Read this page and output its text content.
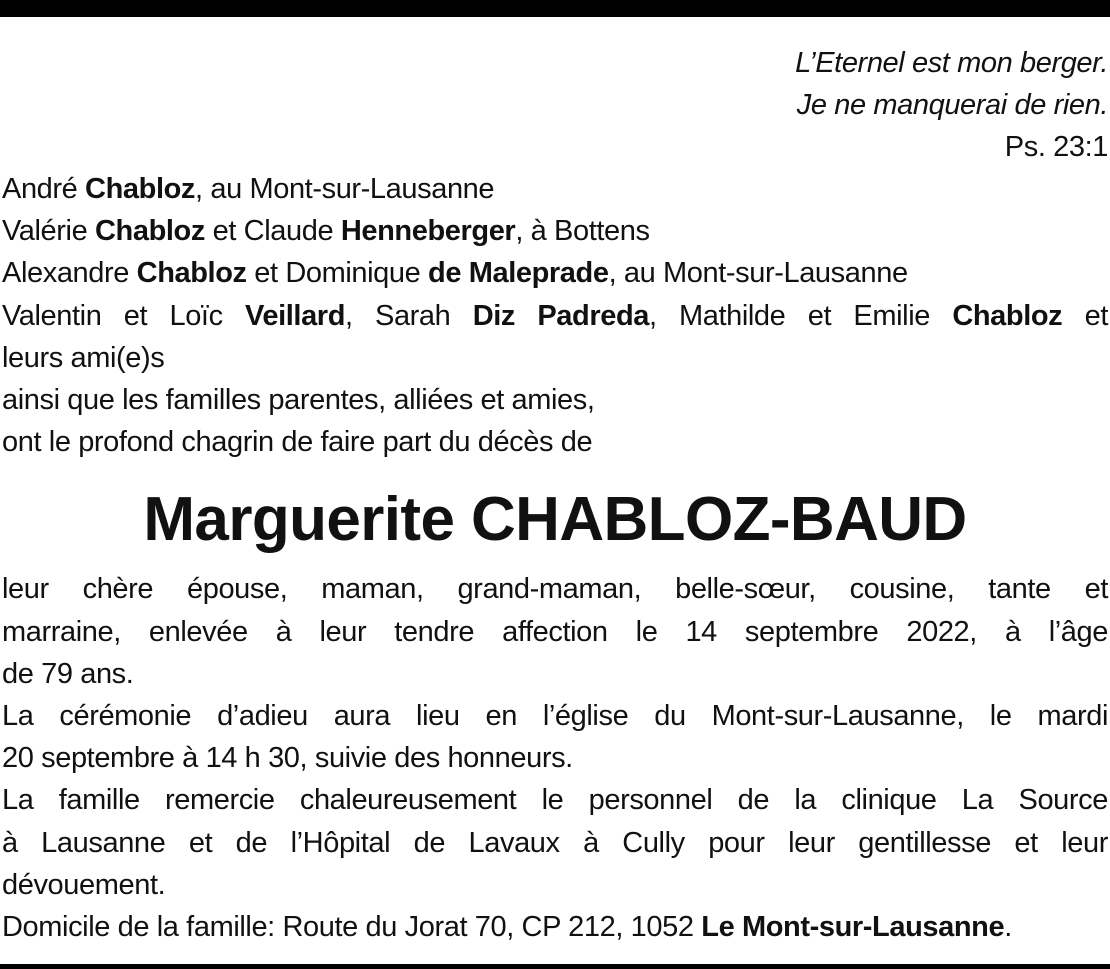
L’Eternel est mon berger.
Je ne manquerai de rien.
Ps. 23:1
André Chabloz, au Mont-sur-Lausanne
Valérie Chabloz et Claude Henneberger, à Bottens
Alexandre Chabloz et Dominique de Maleprade, au Mont-sur-Lausanne
Valentin et Loïc Veillard, Sarah Diz Padreda, Mathilde et Emilie Chabloz et
leurs ami(e)s
ainsi que les familles parentes, alliées et amies,
ont le profond chagrin de faire part du décès de
Marguerite CHABLOZ-BAUD
leur chère épouse, maman, grand-maman, belle-sœur, cousine, tante et
marraine, enlevée à leur tendre affection le 14 septembre 2022, à l’âge
de 79 ans.
La cérémonie d’adieu aura lieu en l’église du Mont-sur-Lausanne, le mardi
20 septembre à 14 h 30, suivie des honneurs.
La famille remercie chaleureusement le personnel de la clinique La Source
à Lausanne et de l’Hôpital de Lavaux à Cully pour leur gentillesse et leur
dévouement.
Domicile de la famille: Route du Jorat 70, CP 212, 1052 Le Mont-sur-Lausanne.
